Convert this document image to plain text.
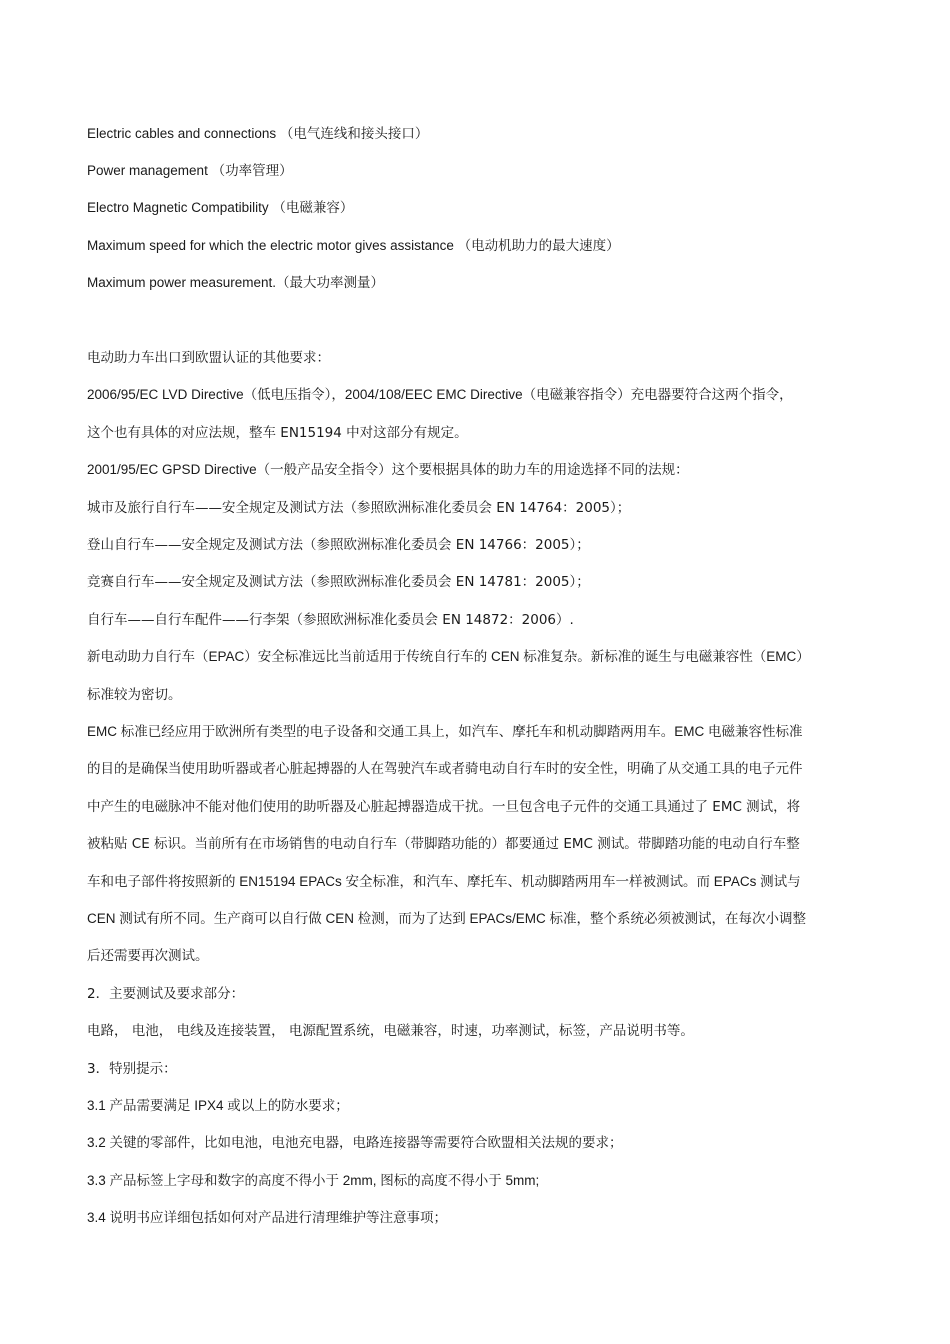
Electric cables and connections （电气连线和接头接口）
Power management （功率管理）
Electro Magnetic Compatibility （电磁兼容）
Maximum speed for which the electric motor gives assistance （电动机助力的最大速度）
Maximum power measurement.（最大功率测量）
电动助力车出口到欧盟认证的其他要求：
2006/95/EC LVD Directive（低电压指令），2004/108/EEC EMC Directive（电磁兼容指令）充电器要符合这两个指令，
这个也有具体的对应法规，整车 EN15194 中对这部分有规定。
2001/95/EC GPSD Directive（一般产品安全指令）这个要根据具体的助力车的用途选择不同的法规：
城市及旅行自行车——安全规定及测试方法（参照欧洲标准化委员会 EN 14764：2005）；
登山自行车——安全规定及测试方法（参照欧洲标准化委员会 EN 14766：2005）；
竞赛自行车——安全规定及测试方法（参照欧洲标准化委员会 EN 14781：2005）；
自行车——自行车配件——行李架（参照欧洲标准化委员会 EN 14872：2006）.
新电动助力自行车（EPAC）安全标准远比当前适用于传统自行车的 CEN 标准复杂。新标准的诞生与电磁兼容性（EMC）
标准较为密切。
EMC 标准已经应用于欧洲所有类型的电子设备和交通工具上，如汽车、摩托车和机动脚踏两用车。EMC 电磁兼容性标准
的目的是确保当使用助听器或者心脏起搏器的人在驾驶汽车或者骑电动自行车时的安全性，明确了从交通工具的电子元件
中产生的电磁脉冲不能对他们使用的助听器及心脏起搏器造成干扰。一旦包含电子元件的交通工具通过了 EMC 测试，将
被粘贴 CE 标识。当前所有在市场销售的电动自行车（带脚踏功能的）都要通过 EMC 测试。带脚踏功能的电动自行车整
车和电子部件将按照新的 EN15194 EPACs 安全标准，和汽车、摩托车、机动脚踏两用车一样被测试。而 EPACs 测试与
CEN 测试有所不同。生产商可以自行做 CEN 检测，而为了达到 EPACs/EMC 标准，整个系统必须被测试，在每次小调整
后还需要再次测试。
2．主要测试及要求部分：
电路， 电池， 电线及连接装置， 电源配置系统，电磁兼容，时速，功率测试，标签，产品说明书等。
3．特别提示：
3.1 产品需要满足 IPX4 或以上的防水要求；
3.2 关键的零部件，比如电池，电池充电器，电路连接器等需要符合欧盟相关法规的要求；
3.3 产品标签上字母和数字的高度不得小于 2mm, 图标的高度不得小于 5mm;
3.4 说明书应详细包括如何对产品进行清理维护等注意事项；
